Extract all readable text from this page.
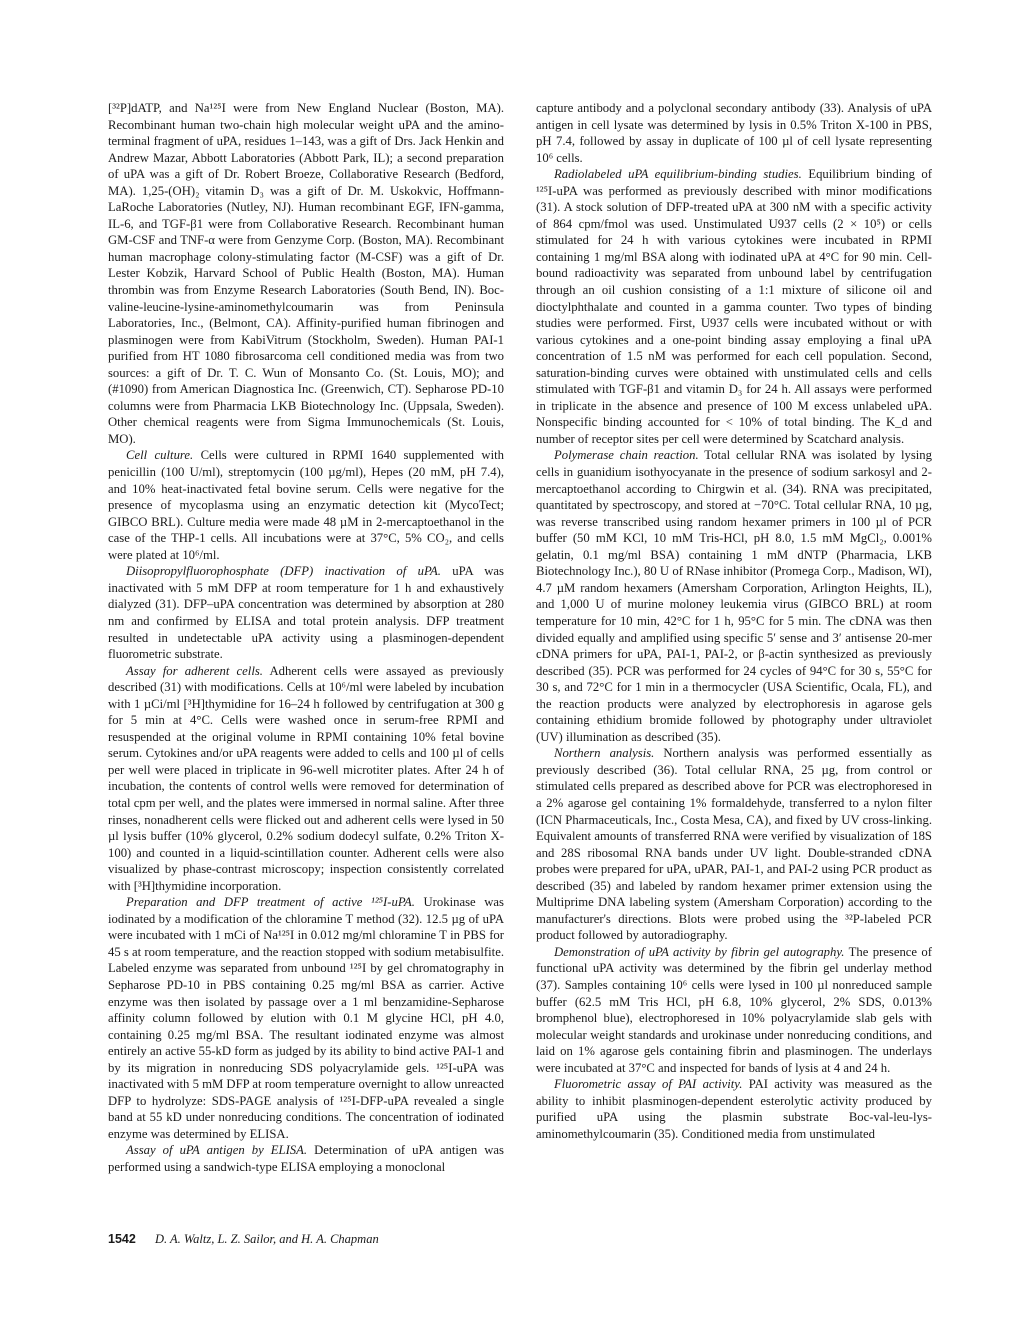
[³²P]dATP, and Na¹²⁵I were from New England Nuclear (Boston, MA). Recombinant human two-chain high molecular weight uPA and the amino-terminal fragment of uPA, residues 1–143, was a gift of Drs. Jack Henkin and Andrew Mazar, Abbott Laboratories (Abbott Park, IL); a second preparation of uPA was a gift of Dr. Robert Broeze, Collaborative Research (Bedford, MA). 1,25-(OH)₂ vitamin D₃ was a gift of Dr. M. Uskokvic, Hoffmann-LaRoche Laboratories (Nutley, NJ). Human recombinant EGF, IFN-gamma, IL-6, and TGF-β1 were from Collaborative Research. Recombinant human GM-CSF and TNF-α were from Genzyme Corp. (Boston, MA). Recombinant human macrophage colony-stimulating factor (M-CSF) was a gift of Dr. Lester Kobzik, Harvard School of Public Health (Boston, MA). Human thrombin was from Enzyme Research Laboratories (South Bend, IN). Boc-valine-leucine-lysine-aminomethylcoumarin was from Peninsula Laboratories, Inc., (Belmont, CA). Affinity-purified human fibrinogen and plasminogen were from KabiVitrum (Stockholm, Sweden). Human PAI-1 purified from HT 1080 fibrosarcoma cell conditioned media was from two sources: a gift of Dr. T. C. Wun of Monsanto Co. (St. Louis, MO); and (#1090) from American Diagnostica Inc. (Greenwich, CT). Sepharose PD-10 columns were from Pharmacia LKB Biotechnology Inc. (Uppsala, Sweden). Other chemical reagents were from Sigma Immunochemicals (St. Louis, MO).

Cell culture. Cells were cultured in RPMI 1640 supplemented with penicillin (100 U/ml), streptomycin (100 µg/ml), Hepes (20 mM, pH 7.4), and 10% heat-inactivated fetal bovine serum. Cells were negative for the presence of mycoplasma using an enzymatic detection kit (MycoTect; GIBCO BRL). Culture media were made 48 µM in 2-mercaptoethanol in the case of the THP-1 cells. All incubations were at 37°C, 5% CO₂, and cells were plated at 10⁶/ml.

Diisopropylfluorophosphate (DFP) inactivation of uPA. uPA was inactivated with 5 mM DFP at room temperature for 1 h and exhaustively dialyzed (31). DFP–uPA concentration was determined by absorption at 280 nm and confirmed by ELISA and total protein analysis. DFP treatment resulted in undetectable uPA activity using a plasminogen-dependent fluorometric substrate.

Assay for adherent cells. Adherent cells were assayed as previously described (31) with modifications. Cells at 10⁶/ml were labeled by incubation with 1 µCi/ml [³H]thymidine for 16–24 h followed by centrifugation at 300 g for 5 min at 4°C. Cells were washed once in serum-free RPMI and resuspended at the original volume in RPMI containing 10% fetal bovine serum. Cytokines and/or uPA reagents were added to cells and 100 µl of cells per well were placed in triplicate in 96-well microtiter plates. After 24 h of incubation, the contents of control wells were removed for determination of total cpm per well, and the plates were immersed in normal saline. After three rinses, nonadherent cells were flicked out and adherent cells were lysed in 50 µl lysis buffer (10% glycerol, 0.2% sodium dodecyl sulfate, 0.2% Triton X-100) and counted in a liquid-scintillation counter. Adherent cells were also visualized by phase-contrast microscopy; inspection consistently correlated with [³H]thymidine incorporation.

Preparation and DFP treatment of active ¹²⁵I-uPA. Urokinase was iodinated by a modification of the chloramine T method (32). 12.5 µg of uPA were incubated with 1 mCi of Na¹²⁵I in 0.012 mg/ml chloramine T in PBS for 45 s at room temperature, and the reaction stopped with sodium metabisulfite. Labeled enzyme was separated from unbound ¹²⁵I by gel chromatography in Sepharose PD-10 in PBS containing 0.25 mg/ml BSA as carrier. Active enzyme was then isolated by passage over a 1 ml benzamidine-Sepharose affinity column followed by elution with 0.1 M glycine HCl, pH 4.0, containing 0.25 mg/ml BSA. The resultant iodinated enzyme was almost entirely an active 55-kD form as judged by its ability to bind active PAI-1 and by its migration in nonreducing SDS polyacrylamide gels. ¹²⁵I-uPA was inactivated with 5 mM DFP at room temperature overnight to allow unreacted DFP to hydrolyze: SDS-PAGE analysis of ¹²⁵I-DFP-uPA revealed a single band at 55 kD under nonreducing conditions. The concentration of iodinated enzyme was determined by ELISA.

Assay of uPA antigen by ELISA. Determination of uPA antigen was performed using a sandwich-type ELISA employing a monoclonal

capture antibody and a polyclonal secondary antibody (33). Analysis of uPA antigen in cell lysate was determined by lysis in 0.5% Triton X-100 in PBS, pH 7.4, followed by assay in duplicate of 100 µl of cell lysate representing 10⁶ cells.

Radiolabeled uPA equilibrium-binding studies. Equilibrium binding of ¹²⁵I-uPA was performed as previously described with minor modifications (31). A stock solution of DFP-treated uPA at 300 nM with a specific activity of 864 cpm/fmol was used. Unstimulated U937 cells (2 × 10⁵) or cells stimulated for 24 h with various cytokines were incubated in RPMI containing 1 mg/ml BSA along with iodinated uPA at 4°C for 90 min. Cell-bound radioactivity was separated from unbound label by centrifugation through an oil cushion consisting of a 1:1 mixture of silicone oil and dioctylphthalate and counted in a gamma counter. Two types of binding studies were performed. First, U937 cells were incubated without or with various cytokines and a one-point binding assay employing a final uPA concentration of 1.5 nM was performed for each cell population. Second, saturation-binding curves were obtained with unstimulated cells and cells stimulated with TGF-β1 and vitamin D₃ for 24 h. All assays were performed in triplicate in the absence and presence of 100 M excess unlabeled uPA. Nonspecific binding accounted for < 10% of total binding. The K_d and number of receptor sites per cell were determined by Scatchard analysis.

Polymerase chain reaction. Total cellular RNA was isolated by lysing cells in guanidium isothyocyanate in the presence of sodium sarkosyl and 2-mercaptoethanol according to Chirgwin et al. (34). RNA was precipitated, quantitated by spectroscopy, and stored at −70°C. Total cellular RNA, 10 µg, was reverse transcribed using random hexamer primers in 100 µl of PCR buffer (50 mM KCl, 10 mM Tris-HCl, pH 8.0, 1.5 mM MgCl₂, 0.001% gelatin, 0.1 mg/ml BSA) containing 1 mM dNTP (Pharmacia, LKB Biotechnology Inc.), 80 U of RNase inhibitor (Promega Corp., Madison, WI), 4.7 µM random hexamers (Amersham Corporation, Arlington Heights, IL), and 1,000 U of murine moloney leukemia virus (GIBCO BRL) at room temperature for 10 min, 42°C for 1 h, 95°C for 5 min. The cDNA was then divided equally and amplified using specific 5′ sense and 3′ antisense 20-mer cDNA primers for uPA, PAI-1, PAI-2, or β-actin synthesized as previously described (35). PCR was performed for 24 cycles of 94°C for 30 s, 55°C for 30 s, and 72°C for 1 min in a thermocycler (USA Scientific, Ocala, FL), and the reaction products were analyzed by electrophoresis in agarose gels containing ethidium bromide followed by photography under ultraviolet (UV) illumination as described (35).

Northern analysis. Northern analysis was performed essentially as previously described (36). Total cellular RNA, 25 µg, from control or stimulated cells prepared as described above for PCR was electrophoresed in a 2% agarose gel containing 1% formaldehyde, transferred to a nylon filter (ICN Pharmaceuticals, Inc., Costa Mesa, CA), and fixed by UV cross-linking. Equivalent amounts of transferred RNA were verified by visualization of 18S and 28S ribosomal RNA bands under UV light. Double-stranded cDNA probes were prepared for uPA, uPAR, PAI-1, and PAI-2 using PCR product as described (35) and labeled by random hexamer primer extension using the Multiprime DNA labeling system (Amersham Corporation) according to the manufacturer's directions. Blots were probed using the ³²P-labeled PCR product followed by autoradiography.

Demonstration of uPA activity by fibrin gel autography. The presence of functional uPA activity was determined by the fibrin gel underlay method (37). Samples containing 10⁶ cells were lysed in 100 µl nonreduced sample buffer (62.5 mM Tris HCl, pH 6.8, 10% glycerol, 2% SDS, 0.013% bromphenol blue), electrophoresed in 10% polyacrylamide slab gels with molecular weight standards and urokinase under nonreducing conditions, and laid on 1% agarose gels containing fibrin and plasminogen. The underlays were incubated at 37°C and inspected for bands of lysis at 4 and 24 h.

Fluorometric assay of PAI activity. PAI activity was measured as the ability to inhibit plasminogen-dependent esterolytic activity produced by purified uPA using the plasmin substrate Boc-val-leu-lys-aminomethylcoumarin (35). Conditioned media from unstimulated

1542 D. A. Waltz, L. Z. Sailor, and H. A. Chapman
